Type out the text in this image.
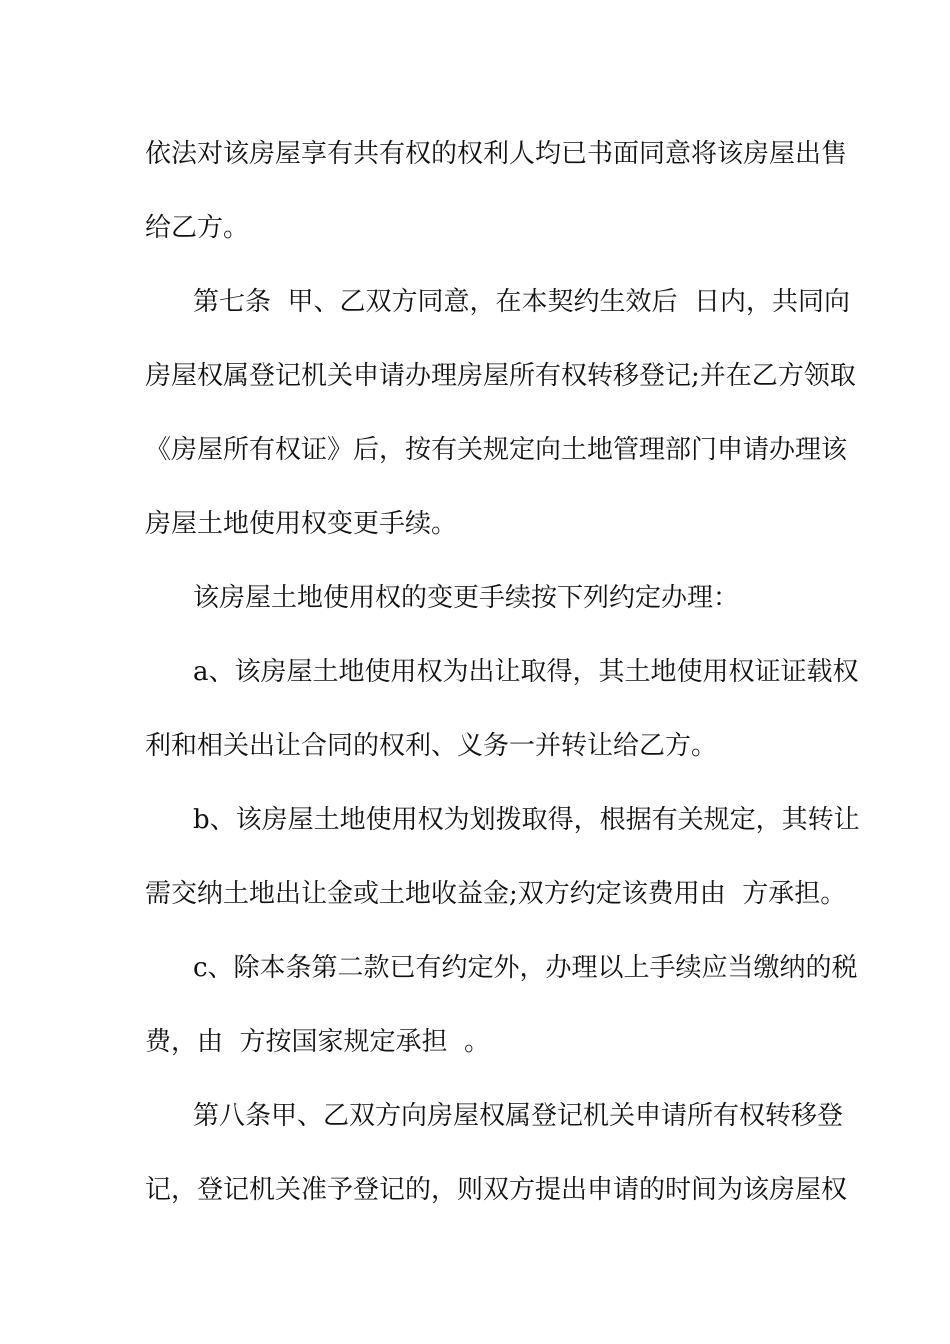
依法对该房屋享有共有权的权利人均已书面同意将该房屋出售
给乙方。
第七条  甲、乙双方同意，在本契约生效后  日内，共同向
房屋权属登记机关申请办理房屋所有权转移登记;并在乙方领取
《房屋所有权证》后，按有关规定向土地管理部门申请办理该
房屋土地使用权变更手续。
该房屋土地使用权的变更手续按下列约定办理：
a、该房屋土地使用权为出让取得，其土地使用权证证载权
利和相关出让合同的权利、义务一并转让给乙方。
b、该房屋土地使用权为划拨取得，根据有关规定，其转让
需交纳土地出让金或土地收益金;双方约定该费用由  方承担。
c、除本条第二款已有约定外，办理以上手续应当缴纳的税
费，由  方按国家规定承担  。
第八条甲、乙双方向房屋权属登记机关申请所有权转移登
记，登记机关准予登记的，则双方提出申请的时间为该房屋权
